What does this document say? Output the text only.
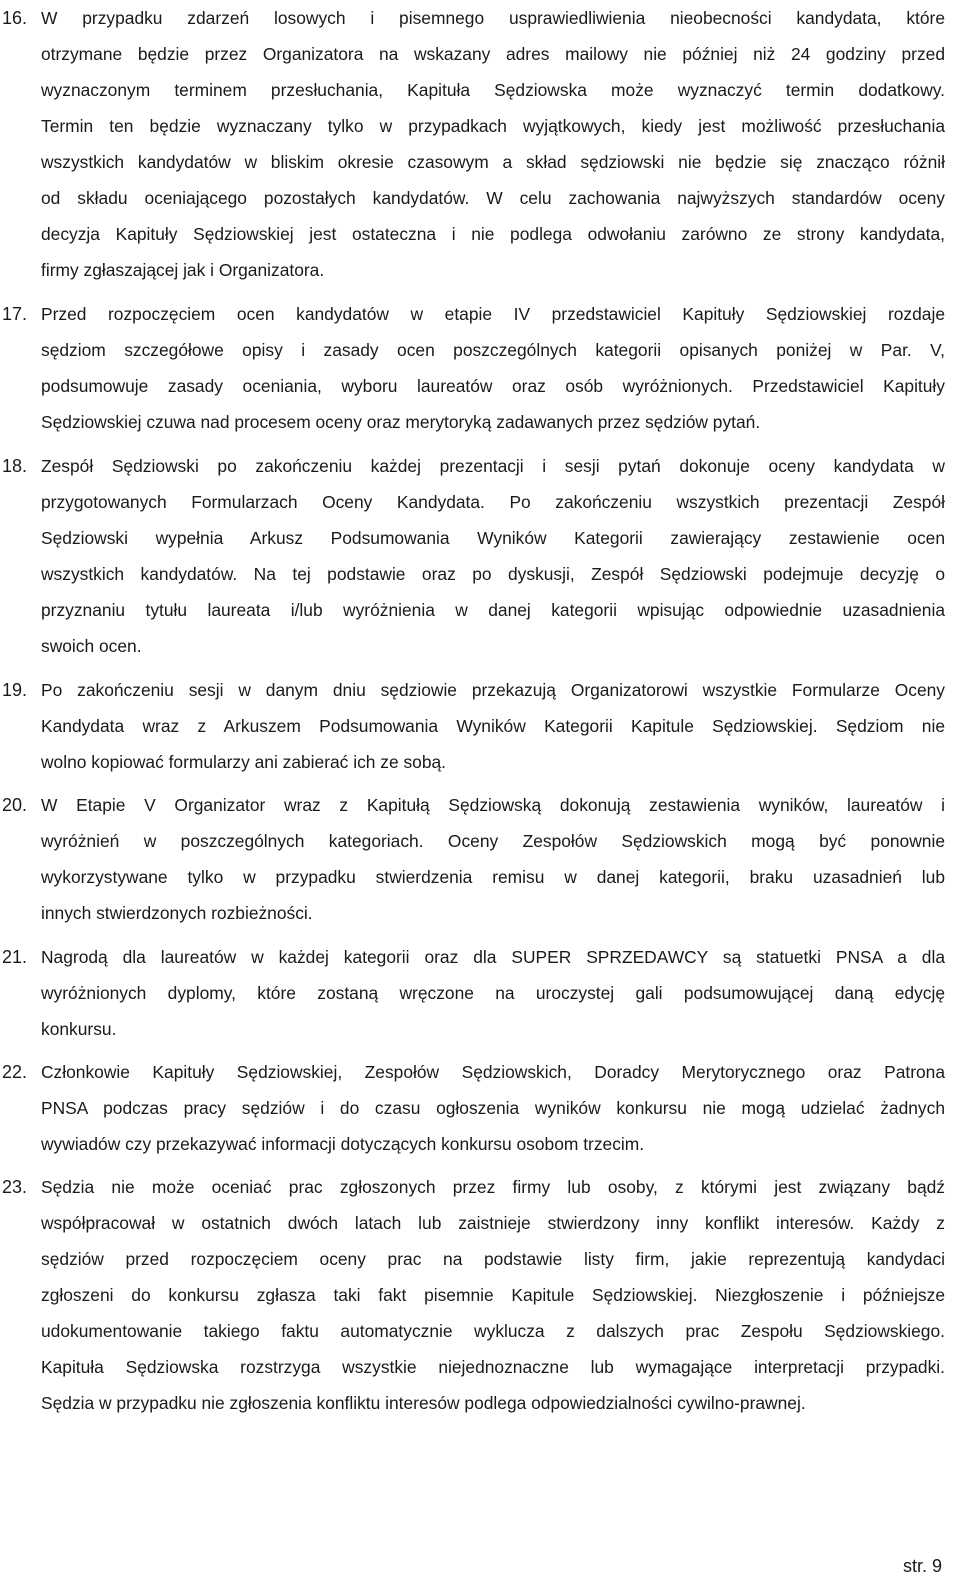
16. W przypadku zdarzeń losowych i pisemnego usprawiedliwienia nieobecności kandydata, które
otrzymane będzie przez Organizatora na wskazany adres mailowy nie później niż 24 godziny przed
wyznaczonym terminem przesłuchania, Kapituła Sędziowska może wyznaczyć termin dodatkowy.
Termin ten będzie wyznaczany tylko w przypadkach wyjątkowych, kiedy jest możliwość przesłuchania
wszystkich kandydatów w bliskim okresie czasowym a skład sędziowski nie będzie się znacząco różnił
od składu oceniającego pozostałych kandydatów. W celu zachowania najwyższych standardów oceny
decyzja Kapituły Sędziowskiej jest ostateczna i nie podlega odwołaniu zarówno ze strony kandydata,
firmy zgłaszającej jak i Organizatora.
17. Przed rozpoczęciem ocen kandydatów w etapie IV przedstawiciel Kapituły Sędziowskiej rozdaje
sędziom szczegółowe opisy i zasady ocen poszczególnych kategorii opisanych poniżej w Par. V,
podsumowuje zasady oceniania, wyboru laureatów oraz osób wyróżnionych. Przedstawiciel Kapituły
Sędziowskiej czuwa nad procesem oceny oraz merytoryką zadawanych przez sędziów pytań.
18. Zespół Sędziowski po zakończeniu każdej prezentacji i sesji pytań dokonuje oceny kandydata w
przygotowanych Formularzach Oceny Kandydata. Po zakończeniu wszystkich prezentacji Zespół
Sędziowski wypełnia Arkusz Podsumowania Wyników Kategorii zawierający zestawienie ocen
wszystkich kandydatów. Na tej podstawie oraz po dyskusji, Zespół Sędziowski podejmuje decyzję o
przyznaniu tytułu laureata i/lub wyróżnienia w danej kategorii wpisując odpowiednie uzasadnienia
swoich ocen.
19. Po zakończeniu sesji w danym dniu sędziowie przekazują Organizatorowi wszystkie Formularze Oceny
Kandydata wraz z Arkuszem Podsumowania Wyników Kategorii Kapitule Sędziowskiej. Sędziom nie
wolno kopiować formularzy ani zabierać ich ze sobą.
20. W Etapie V Organizator wraz z Kapitułą Sędziowską dokonują zestawienia wyników, laureatów i
wyróżnień w poszczególnych kategoriach. Oceny Zespołów Sędziowskich mogą być ponownie
wykorzystywane tylko w przypadku stwierdzenia remisu w danej kategorii, braku uzasadnień lub
innych stwierdzonych rozbieżności.
21. Nagrodą dla laureatów w każdej kategorii oraz dla SUPER SPRZEDAWCY są statuetki PNSA a dla
wyróżnionych dyplomy, które zostaną wręczone na uroczystej gali podsumowującej daną edycję
konkursu.
22. Członkowie Kapituły Sędziowskiej, Zespołów Sędziowskich, Doradcy Merytorycznego oraz Patrona
PNSA podczas pracy sędziów i do czasu ogłoszenia wyników konkursu nie mogą udzielać żadnych
wywiadów czy przekazywać informacji dotyczących konkursu osobom trzecim.
23. Sędzia nie może oceniać prac zgłoszonych przez firmy lub osoby, z którymi jest związany bądź
współpracował w ostatnich dwóch latach lub zaistnieje stwierdzony inny konflikt interesów. Każdy z
sędziów przed rozpoczęciem oceny prac na podstawie listy firm, jakie reprezentują kandydaci
zgłoszeni do konkursu zgłasza taki fakt pisemnie Kapitule Sędziowskiej. Niezgłoszenie i późniejsze
udokumentowanie takiego faktu automatycznie wyklucza z dalszych prac Zespołu Sędziowskiego.
Kapituła Sędziowska rozstrzyga wszystkie niejednoznaczne lub wymagające interpretacji przypadki.
Sędzia w przypadku nie zgłoszenia konfliktu interesów podlega odpowiedzialności cywilno-prawnej.
str. 9
